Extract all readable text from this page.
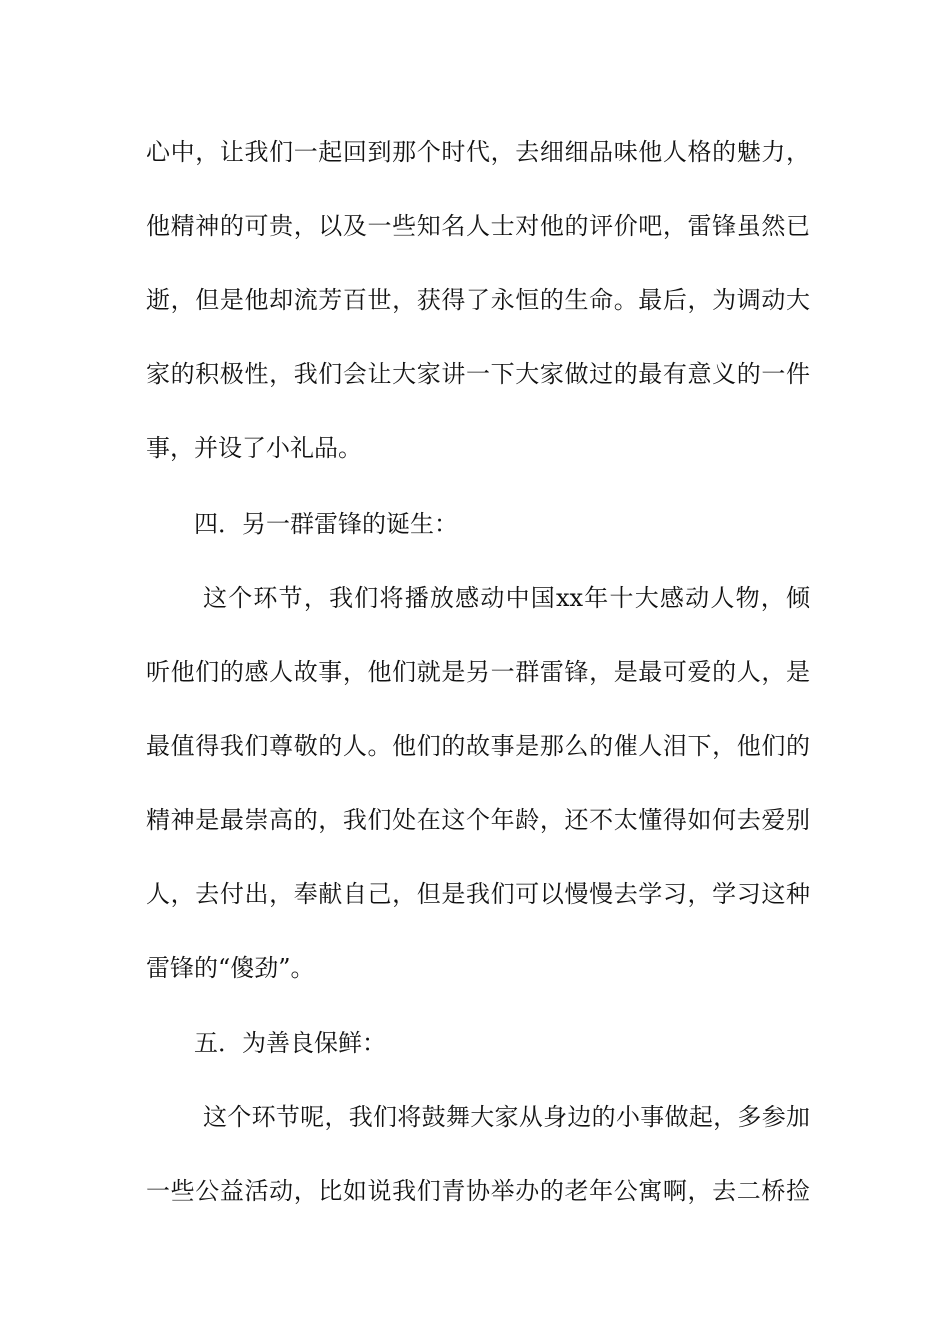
心中，让我们一起回到那个时代，去细细品味他人格的魅力，
他精神的可贵，以及一些知名人士对他的评价吧，雷锋虽然已
逝，但是他却流芳百世，获得了永恒的生命。最后，为调动大
家的积极性，我们会让大家讲一下大家做过的最有意义的一件
事，并设了小礼品。
四．另一群雷锋的诞生：
这个环节，我们将播放感动中国xx年十大感动人物，倾
听他们的感人故事，他们就是另一群雷锋，是最可爱的人，是
最值得我们尊敬的人。他们的故事是那么的催人泪下，他们的
精神是最崇高的，我们处在这个年龄，还不太懂得如何去爱别
人，去付出，奉献自己，但是我们可以慢慢去学习，学习这种
雷锋的“傻劲”。
五．为善良保鲜：
这个环节呢，我们将鼓舞大家从身边的小事做起，多参加
一些公益活动，比如说我们青协举办的老年公寓啊，去二桥捡
